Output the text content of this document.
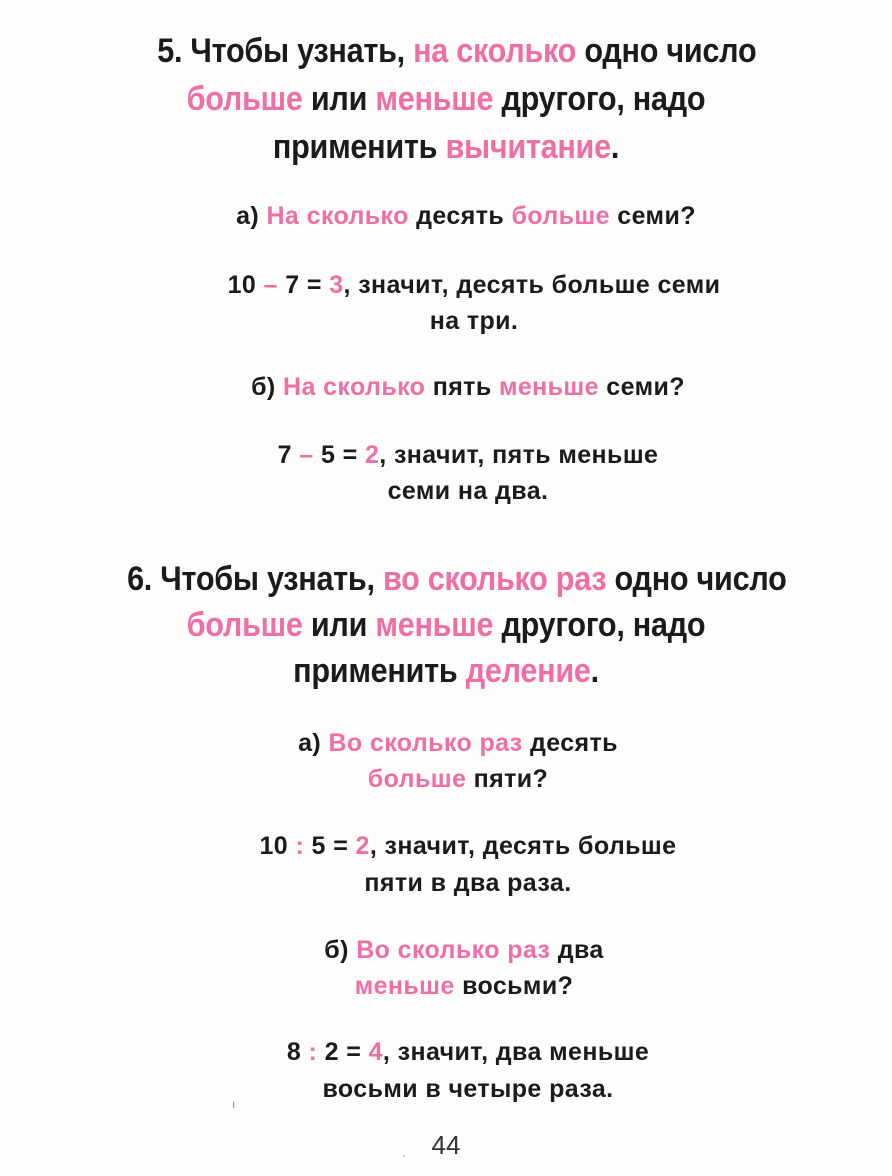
5. Чтобы узнать, на сколько одно число
больше или меньше другого, надо
применить вычитание.
а) На сколько десять больше семи?
10 – 7 = 3, значит, десять больше семи
на три.
б) На сколько пять меньше семи?
7 – 5 = 2, значит, пять меньше
семи на два.
6. Чтобы узнать, во сколько раз одно число
больше или меньше другого, надо
применить деление.
а) Во сколько раз десять
больше пяти?
10 : 5 = 2, значит, десять больше
пяти в два раза.
б) Во сколько раз два
меньше восьми?
8 : 2 = 4, значит, два меньше
восьми в четыре раза.
44
ı
·
